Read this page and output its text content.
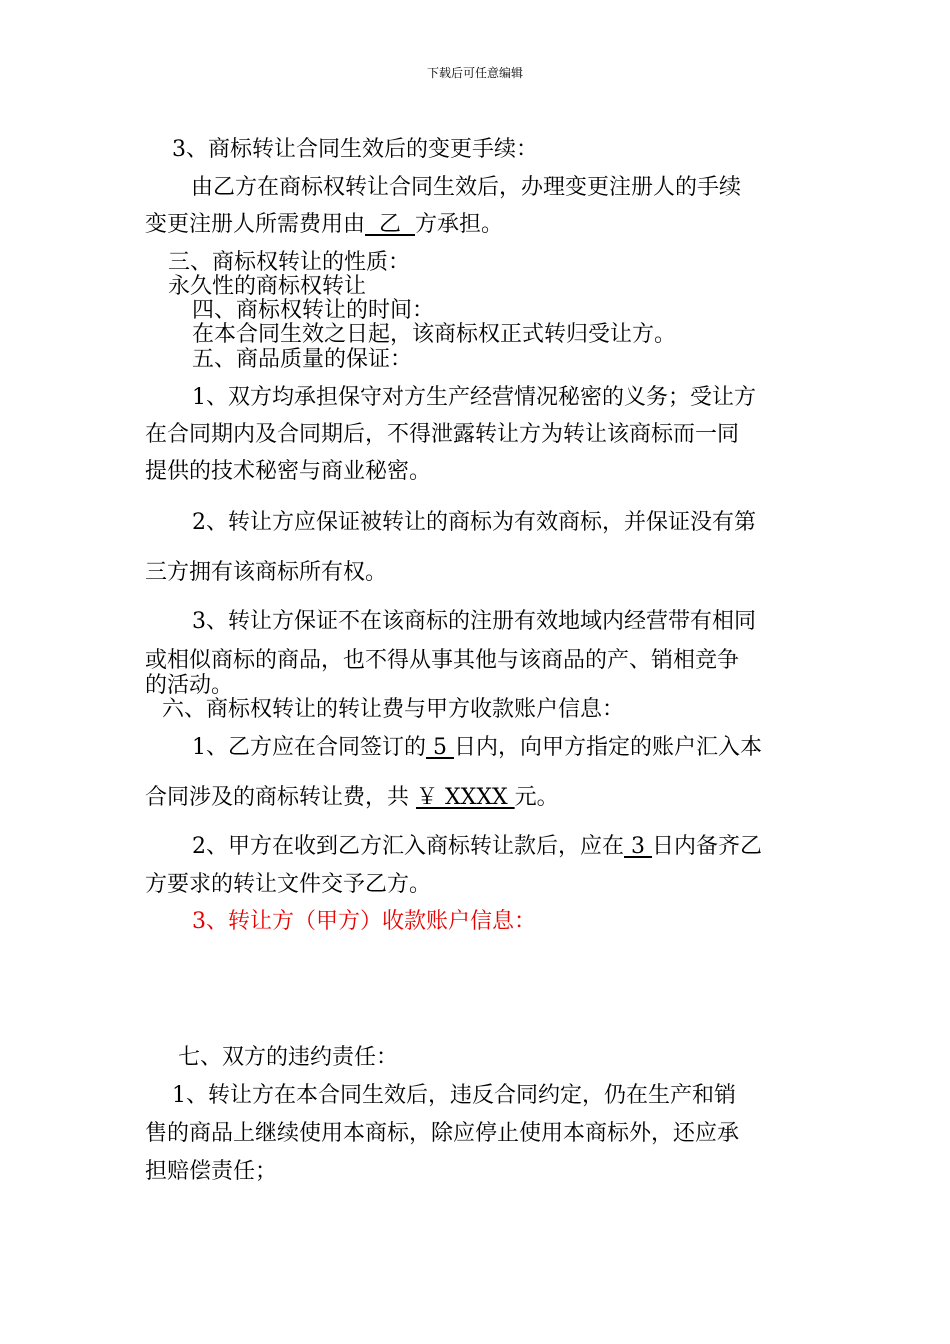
下载后可任意编辑
3、商标转让合同生效后的变更手续：
由乙方在商标权转让合同生效后，办理变更注册人的手续
变更注册人所需费用由  乙  方承担。
三、商标权转让的性质：
永久性的商标权转让
四、商标权转让的时间：
在本合同生效之日起，该商标权正式转归受让方。
五、商品质量的保证：
1、双方均承担保守对方生产经营情况秘密的义务；受让方
在合同期内及合同期后，不得泄露转让方为转让该商标而一同
提供的技术秘密与商业秘密。
2、转让方应保证被转让的商标为有效商标，并保证没有第
三方拥有该商标所有权。
3、转让方保证不在该商标的注册有效地域内经营带有相同
或相似商标的商品，也不得从事其他与该商品的产、销相竞争
的活动。
六、商标权转让的转让费与甲方收款账户信息：
1、乙方应在合同签订的 5 日内，向甲方指定的账户汇入本
合同涉及的商标转让费，共 ￥ XXXX 元。
2、甲方在收到乙方汇入商标转让款后，应在 3 日内备齐乙
方要求的转让文件交予乙方。
3、转让方（甲方）收款账户信息：
七、双方的违约责任：
1、转让方在本合同生效后，违反合同约定，仍在生产和销
售的商品上继续使用本商标，除应停止使用本商标外，还应承
担赔偿责任；
